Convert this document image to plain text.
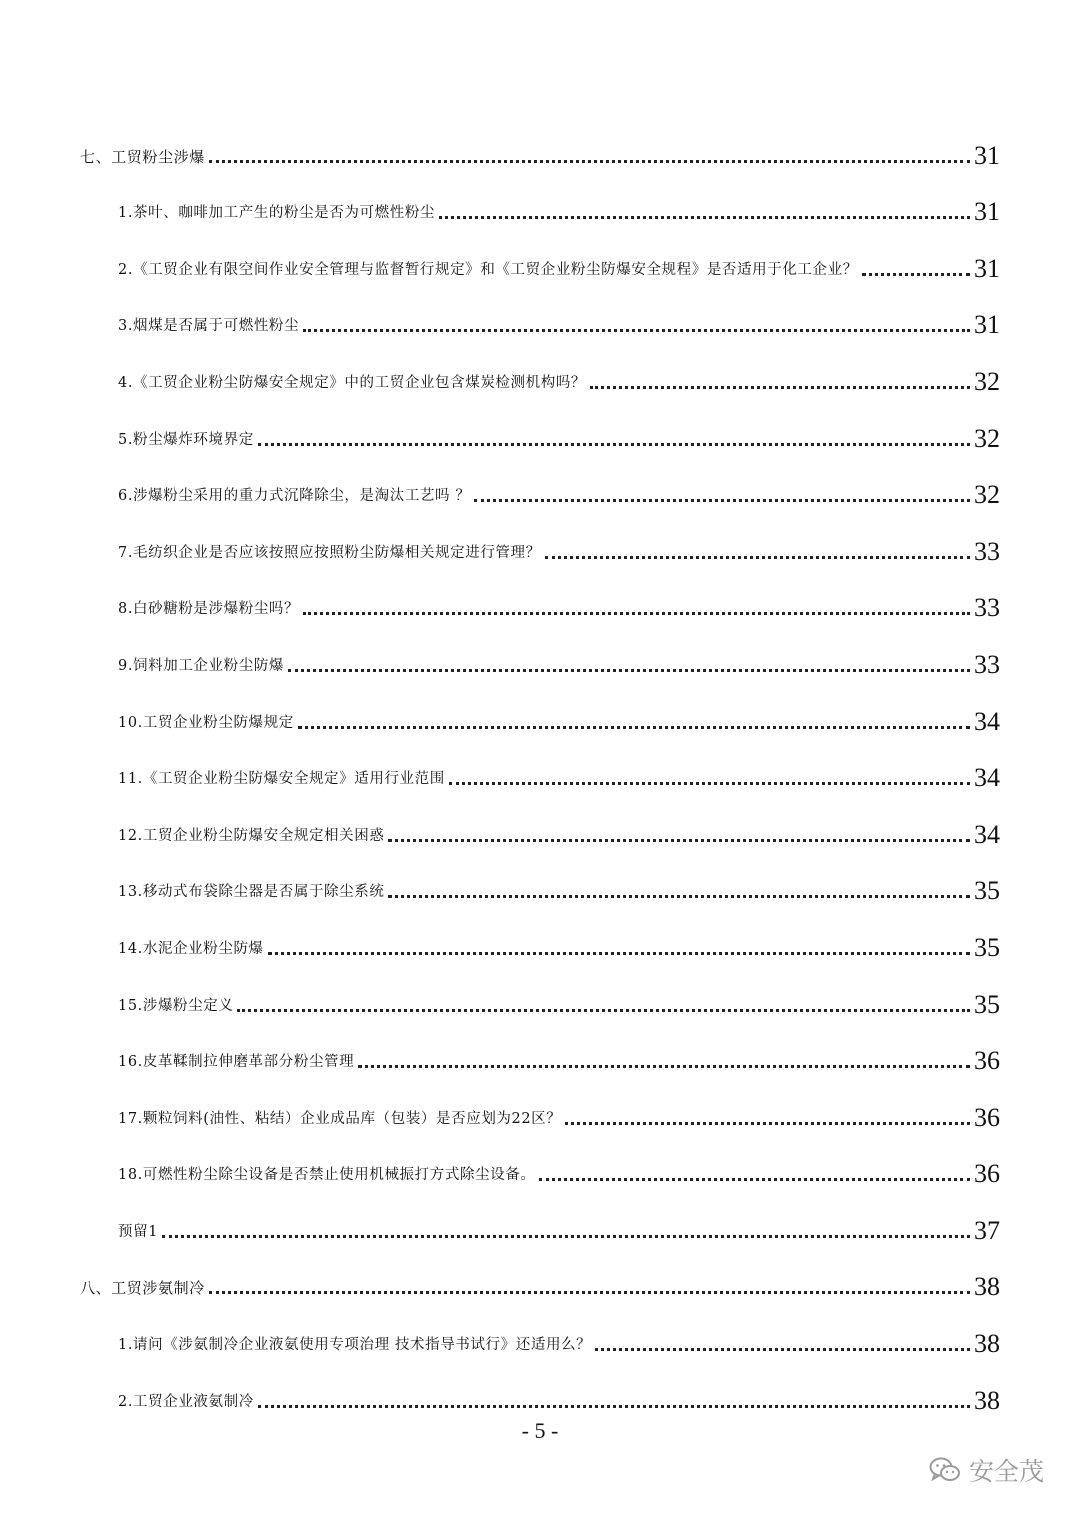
七、工贸粉尘涉爆	31
1.茶叶、咖啡加工产生的粉尘是否为可燃性粉尘	31
2.《工贸企业有限空间作业安全管理与监督暂行规定》和《工贸企业粉尘防爆安全规程》是否适用于化工企业？	31
3.烟煤是否属于可燃性粉尘	31
4.《工贸企业粉尘防爆安全规定》中的工贸企业包含煤炭检测机构吗？	32
5.粉尘爆炸环境界定	32
6.涉爆粉尘采用的重力式沉降除尘，是淘汰工艺吗 ？	32
7.毛纺织企业是否应该按照应按照粉尘防爆相关规定进行管理？	33
8.白砂糖粉是涉爆粉尘吗？	33
9.饲料加工企业粉尘防爆	33
10.工贸企业粉尘防爆规定	34
11.《工贸企业粉尘防爆安全规定》适用行业范围	34
12.工贸企业粉尘防爆安全规定相关困惑	34
13.移动式布袋除尘器是否属于除尘系统	35
14.水泥企业粉尘防爆	35
15.涉爆粉尘定义	35
16.皮革鞣制拉伸磨革部分粉尘管理	36
17.颗粒饲料(油性、粘结）企业成品库（包装）是否应划为22区？	36
18.可燃性粉尘除尘设备是否禁止使用机械振打方式除尘设备。	36
预留1	37
八、工贸涉氨制冷	38
1.请问《涉氨制冷企业液氨使用专项治理 技术指导书试行》还适用么？	38
2.工贸企业液氨制冷	38
- 5 -
安全茂
